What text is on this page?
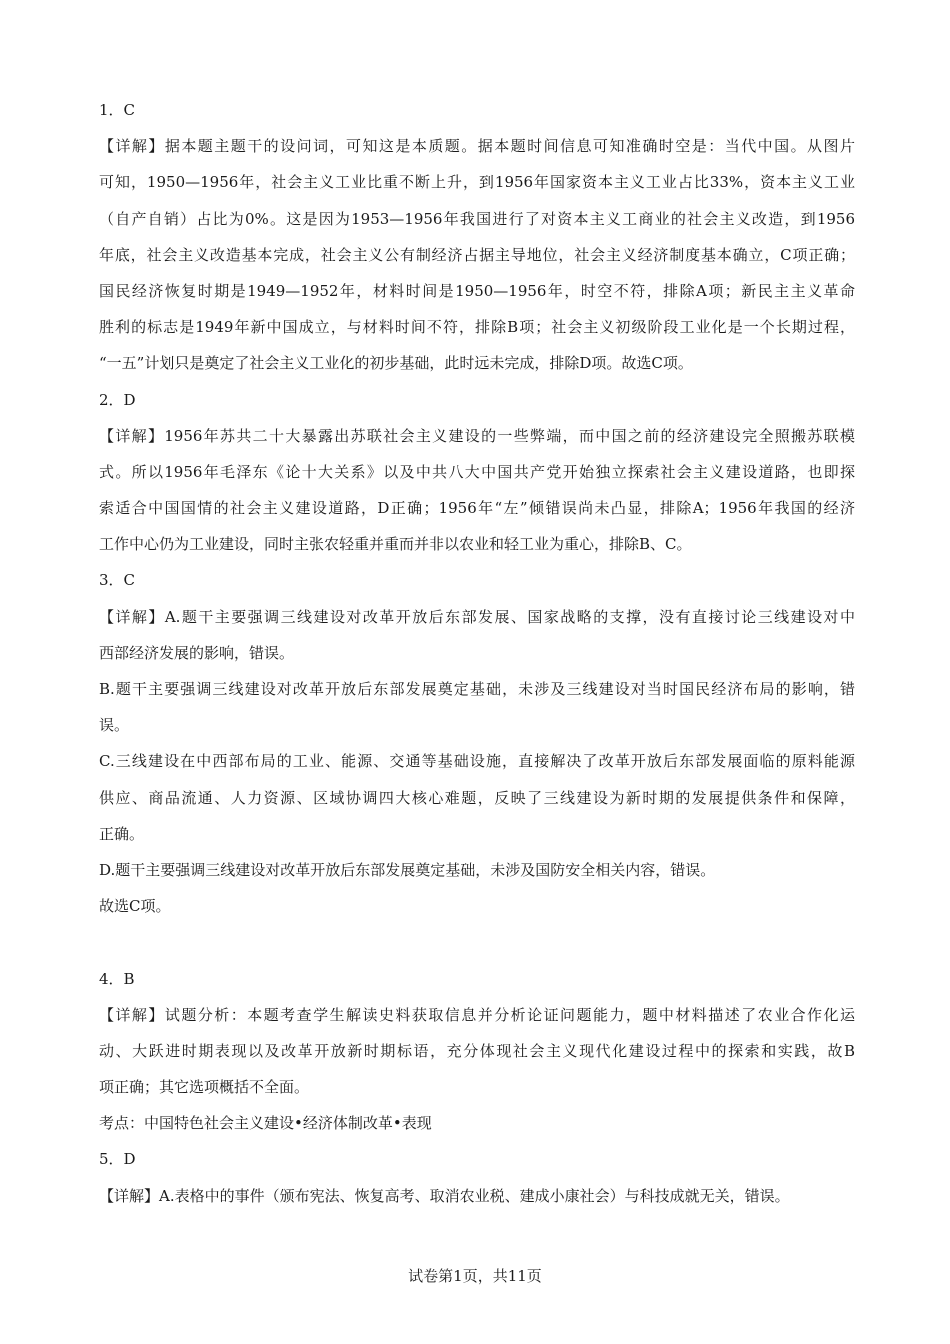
1．C
【详解】据本题主题干的设问词，可知这是本质题。据本题时间信息可知准确时空是：当代中国。从图片
可知，1950—1956年，社会主义工业比重不断上升，到1956年国家资本主义工业占比33%，资本主义工业
（自产自销）占比为0%。这是因为1953—1956年我国进行了对资本主义工商业的社会主义改造，到1956
年底，社会主义改造基本完成，社会主义公有制经济占据主导地位，社会主义经济制度基本确立，C项正确；
国民经济恢复时期是1949—1952年，材料时间是1950—1956年，时空不符，排除A项；新民主主义革命
胜利的标志是1949年新中国成立，与材料时间不符，排除B项；社会主义初级阶段工业化是一个长期过程，
“一五”计划只是奠定了社会主义工业化的初步基础，此时远未完成，排除D项。故选C项。
2．D
【详解】1956年苏共二十大暴露出苏联社会主义建设的一些弊端，而中国之前的经济建设完全照搬苏联模
式。所以1956年毛泽东《论十大关系》以及中共八大中国共产党开始独立探索社会主义建设道路，也即探
索适合中国国情的社会主义建设道路，D正确；1956年“左”倾错误尚未凸显，排除A；1956年我国的经济
工作中心仍为工业建设，同时主张农轻重并重而并非以农业和轻工业为重心，排除B、C。
3．C
【详解】A.题干主要强调三线建设对改革开放后东部发展、国家战略的支撑，没有直接讨论三线建设对中
西部经济发展的影响，错误。
B.题干主要强调三线建设对改革开放后东部发展奠定基础，未涉及三线建设对当时国民经济布局的影响，错
误。
C.三线建设在中西部布局的工业、能源、交通等基础设施，直接解决了改革开放后东部发展面临的原料能源
供应、商品流通、人力资源、区域协调四大核心难题，反映了三线建设为新时期的发展提供条件和保障，
正确。
D.题干主要强调三线建设对改革开放后东部发展奠定基础，未涉及国防安全相关内容，错误。
故选C项。
4．B
【详解】试题分析：本题考查学生解读史料获取信息并分析论证问题能力，题中材料描述了农业合作化运
动、大跃进时期表现以及改革开放新时期标语，充分体现社会主义现代化建设过程中的探索和实践，故B
项正确；其它选项概括不全面。
考点：中国特色社会主义建设•经济体制改革•表现
5．D
【详解】A.表格中的事件（颁布宪法、恢复高考、取消农业税、建成小康社会）与科技成就无关，错误。
试卷第1页，共11页
